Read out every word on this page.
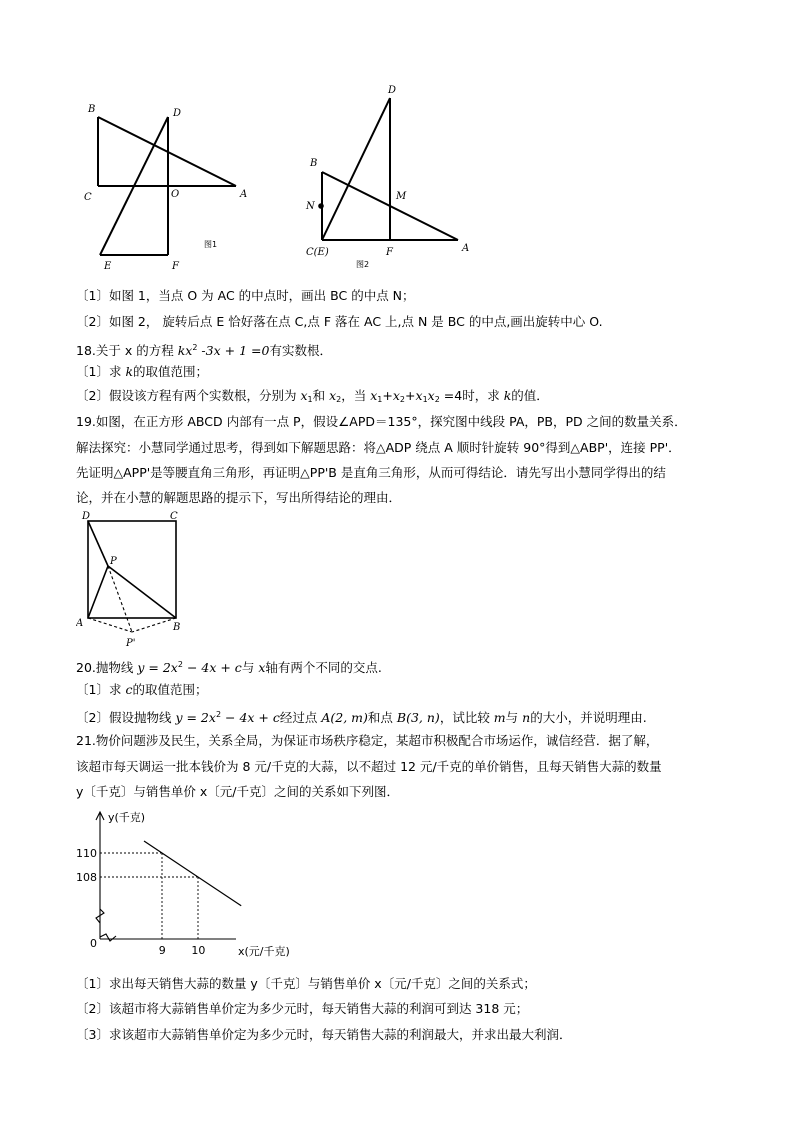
B	D
C	O	A
E	F
图1
D
B
M
N
C(E)	F	A
图2
〔1〕如图 1，当点 O 为 AC 的中点时，画出 BC 的中点 N；
〔2〕如图 2， 旋转后点 E 恰好落在点 C,点 F 落在 AC 上,点 N 是 BC 的中点,画出旋转中心 O.
18.关于 x 的方程 $kx^2$ -3x + 1 =0有实数根．
〔1〕求 k的取值范围；
〔2〕假设该方程有两个实数根，分别为 $x_1$和 $x_2$，当 $x_1+x_2+x_1x_2 =4$时，求 k的值．
19.如图，在正方形 ABCD 内部有一点 P，假设∠APD＝135°，探究图中线段 PA，PB，PD 之间的数量关系．
解法探究：小慧同学通过思考，得到如下解题思路：将△ADP 绕点 A 顺时针旋转 90°得到△ABP'，连接 PP'．
先证明△APP'是等腰直角三角形，再证明△PP'B 是直角三角形，从而可得结论．请先写出小慧同学得出的结
论，并在小慧的解题思路的提示下，写出所得结论的理由．
D	C
P
A	B
P'
20.抛物线 $y = 2x^2 - 4x + c$与 x轴有两个不同的交点.
〔1〕求 c的取值范围；
〔2〕假设抛物线 $y = 2x^2 - 4x + c$经过点 A(2, m)和点 B(3, n)，试比较 m与 n的大小，并说明理由.
21.物价问题涉及民生，关系全局，为保证市场秩序稳定，某超市积极配合市场运作，诚信经营．据了解，
该超市每天调运一批本钱价为 8 元/千克的大蒜，以不超过 12 元/千克的单价销售，且每天销售大蒜的数量
y〔千克〕与销售单价 x〔元/千克〕之间的关系如下列图．
y(千克)
x(元/千克)
0
110
9
108
10
〔1〕求出每天销售大蒜的数量 y〔千克〕与销售单价 x〔元/千克〕之间的关系式；
〔2〕该超市将大蒜销售单价定为多少元时，每天销售大蒜的利润可到达 318 元；
〔3〕求该超市大蒜销售单价定为多少元时，每天销售大蒜的利润最大，并求出最大利润．
